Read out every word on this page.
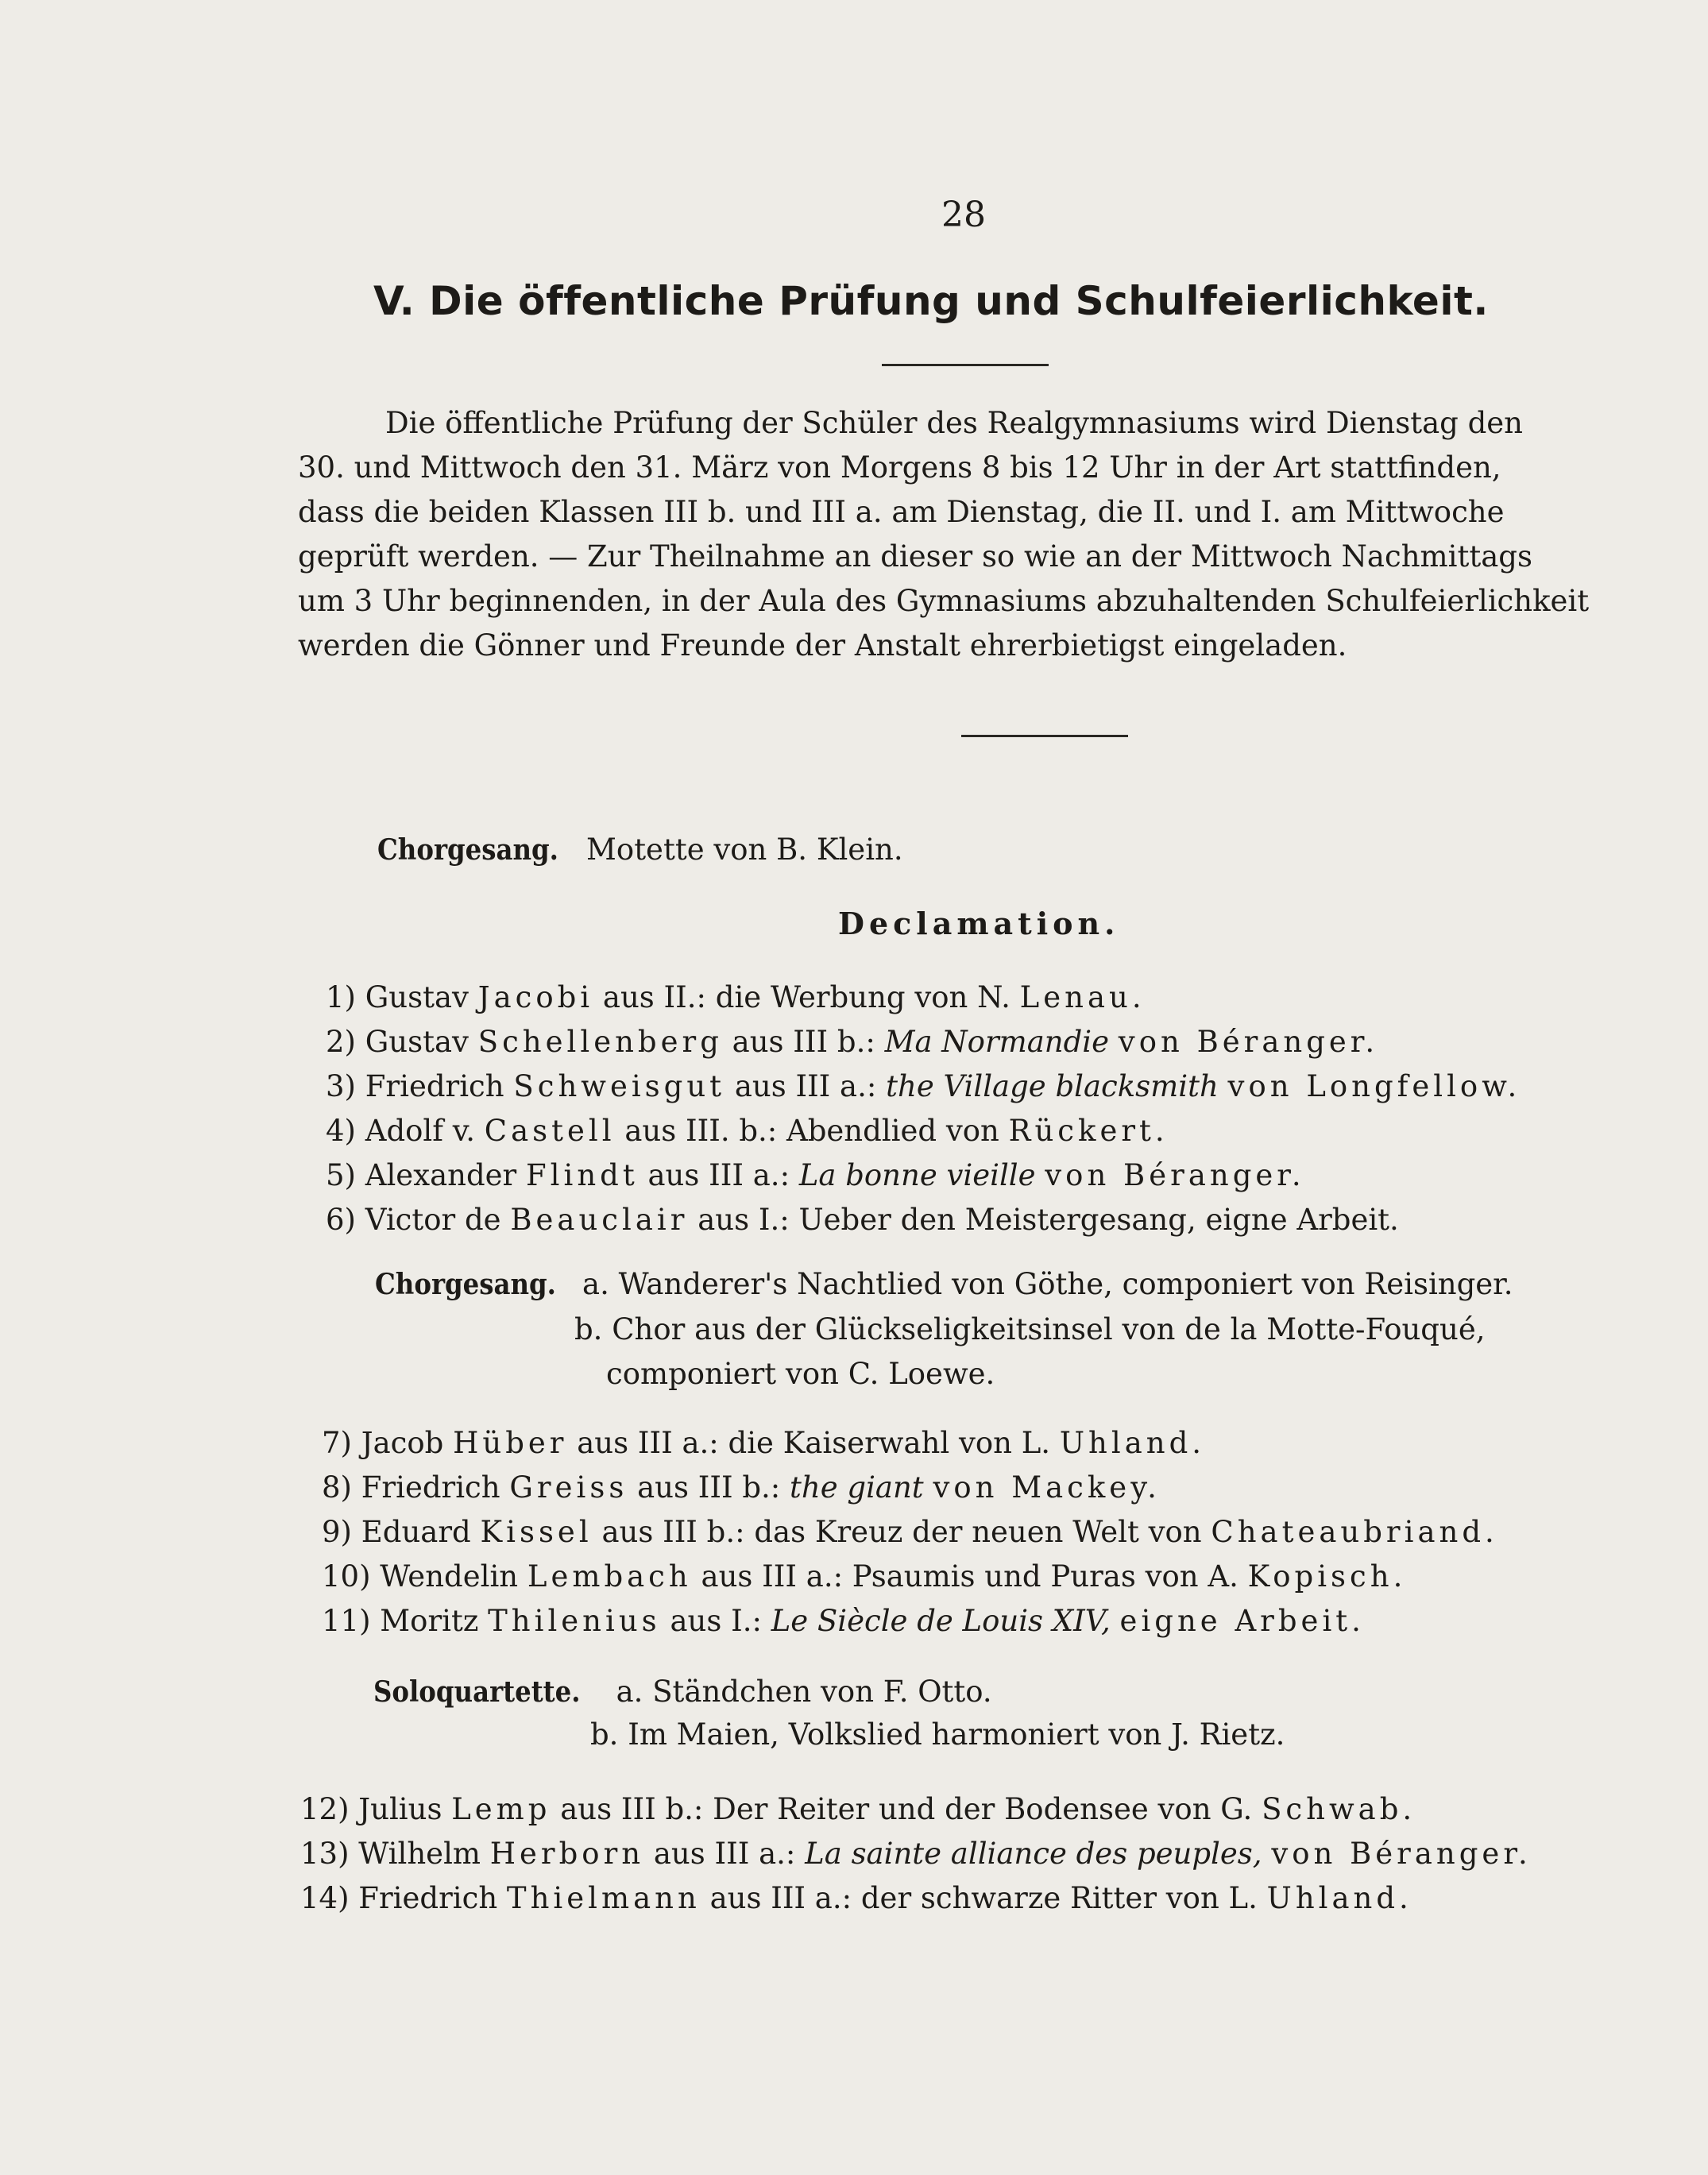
28
V. Die öffentliche Prüfung und Schulfeierlichkeit.
Die öffentliche Prüfung der Schüler des Realgymnasiums wird Dienstag den
30. und Mittwoch den 31. März von Morgens 8 bis 12 Uhr in der Art stattfinden,
dass die beiden Klassen III b. und III a. am Dienstag, die II. und I. am Mittwoche
geprüft werden. — Zur Theilnahme an dieser so wie an der Mittwoch Nachmittags
um 3 Uhr beginnenden, in der Aula des Gymnasiums abzuhaltenden Schulfeierlichkeit
werden die Gönner und Freunde der Anstalt ehrerbietigst eingeladen.
Chorgesang. Motette von B. Klein.
Declamation.
1) Gustav Jacobi aus II.: die Werbung von N. Lenau.
2) Gustav Schellenberg aus III b.: Ma Normandie von Béranger.
3) Friedrich Schweisgut aus III a.: the Village blacksmith von Longfellow.
4) Adolf v. Castell aus III. b.: Abendlied von Rückert.
5) Alexander Flindt aus III a.: La bonne vieille von Béranger.
6) Victor de Beauclair aus I.: Ueber den Meistergesang, eigne Arbeit.
Chorgesang. a. Wanderer's Nachtlied von Göthe, componiert von Reisinger.
b. Chor aus der Glückseligkeitsinsel von de la Motte-Fouqué,
componiert von C. Loewe.
7) Jacob Hüber aus III a.: die Kaiserwahl von L. Uhland.
8) Friedrich Greiss aus III b.: the giant von Mackey.
9) Eduard Kissel aus III b.: das Kreuz der neuen Welt von Chateaubriand.
10) Wendelin Lembach aus III a.: Psaumis und Puras von A. Kopisch.
11) Moritz Thilenius aus I.: Le Siècle de Louis XIV, eigne Arbeit.
Soloquartette. a. Ständchen von F. Otto.
b. Im Maien, Volkslied harmoniert von J. Rietz.
12) Julius Lemp aus III b.: Der Reiter und der Bodensee von G. Schwab.
13) Wilhelm Herborn aus III a.: La sainte alliance des peuples, von Béranger.
14) Friedrich Thielmann aus III a.: der schwarze Ritter von L. Uhland.
